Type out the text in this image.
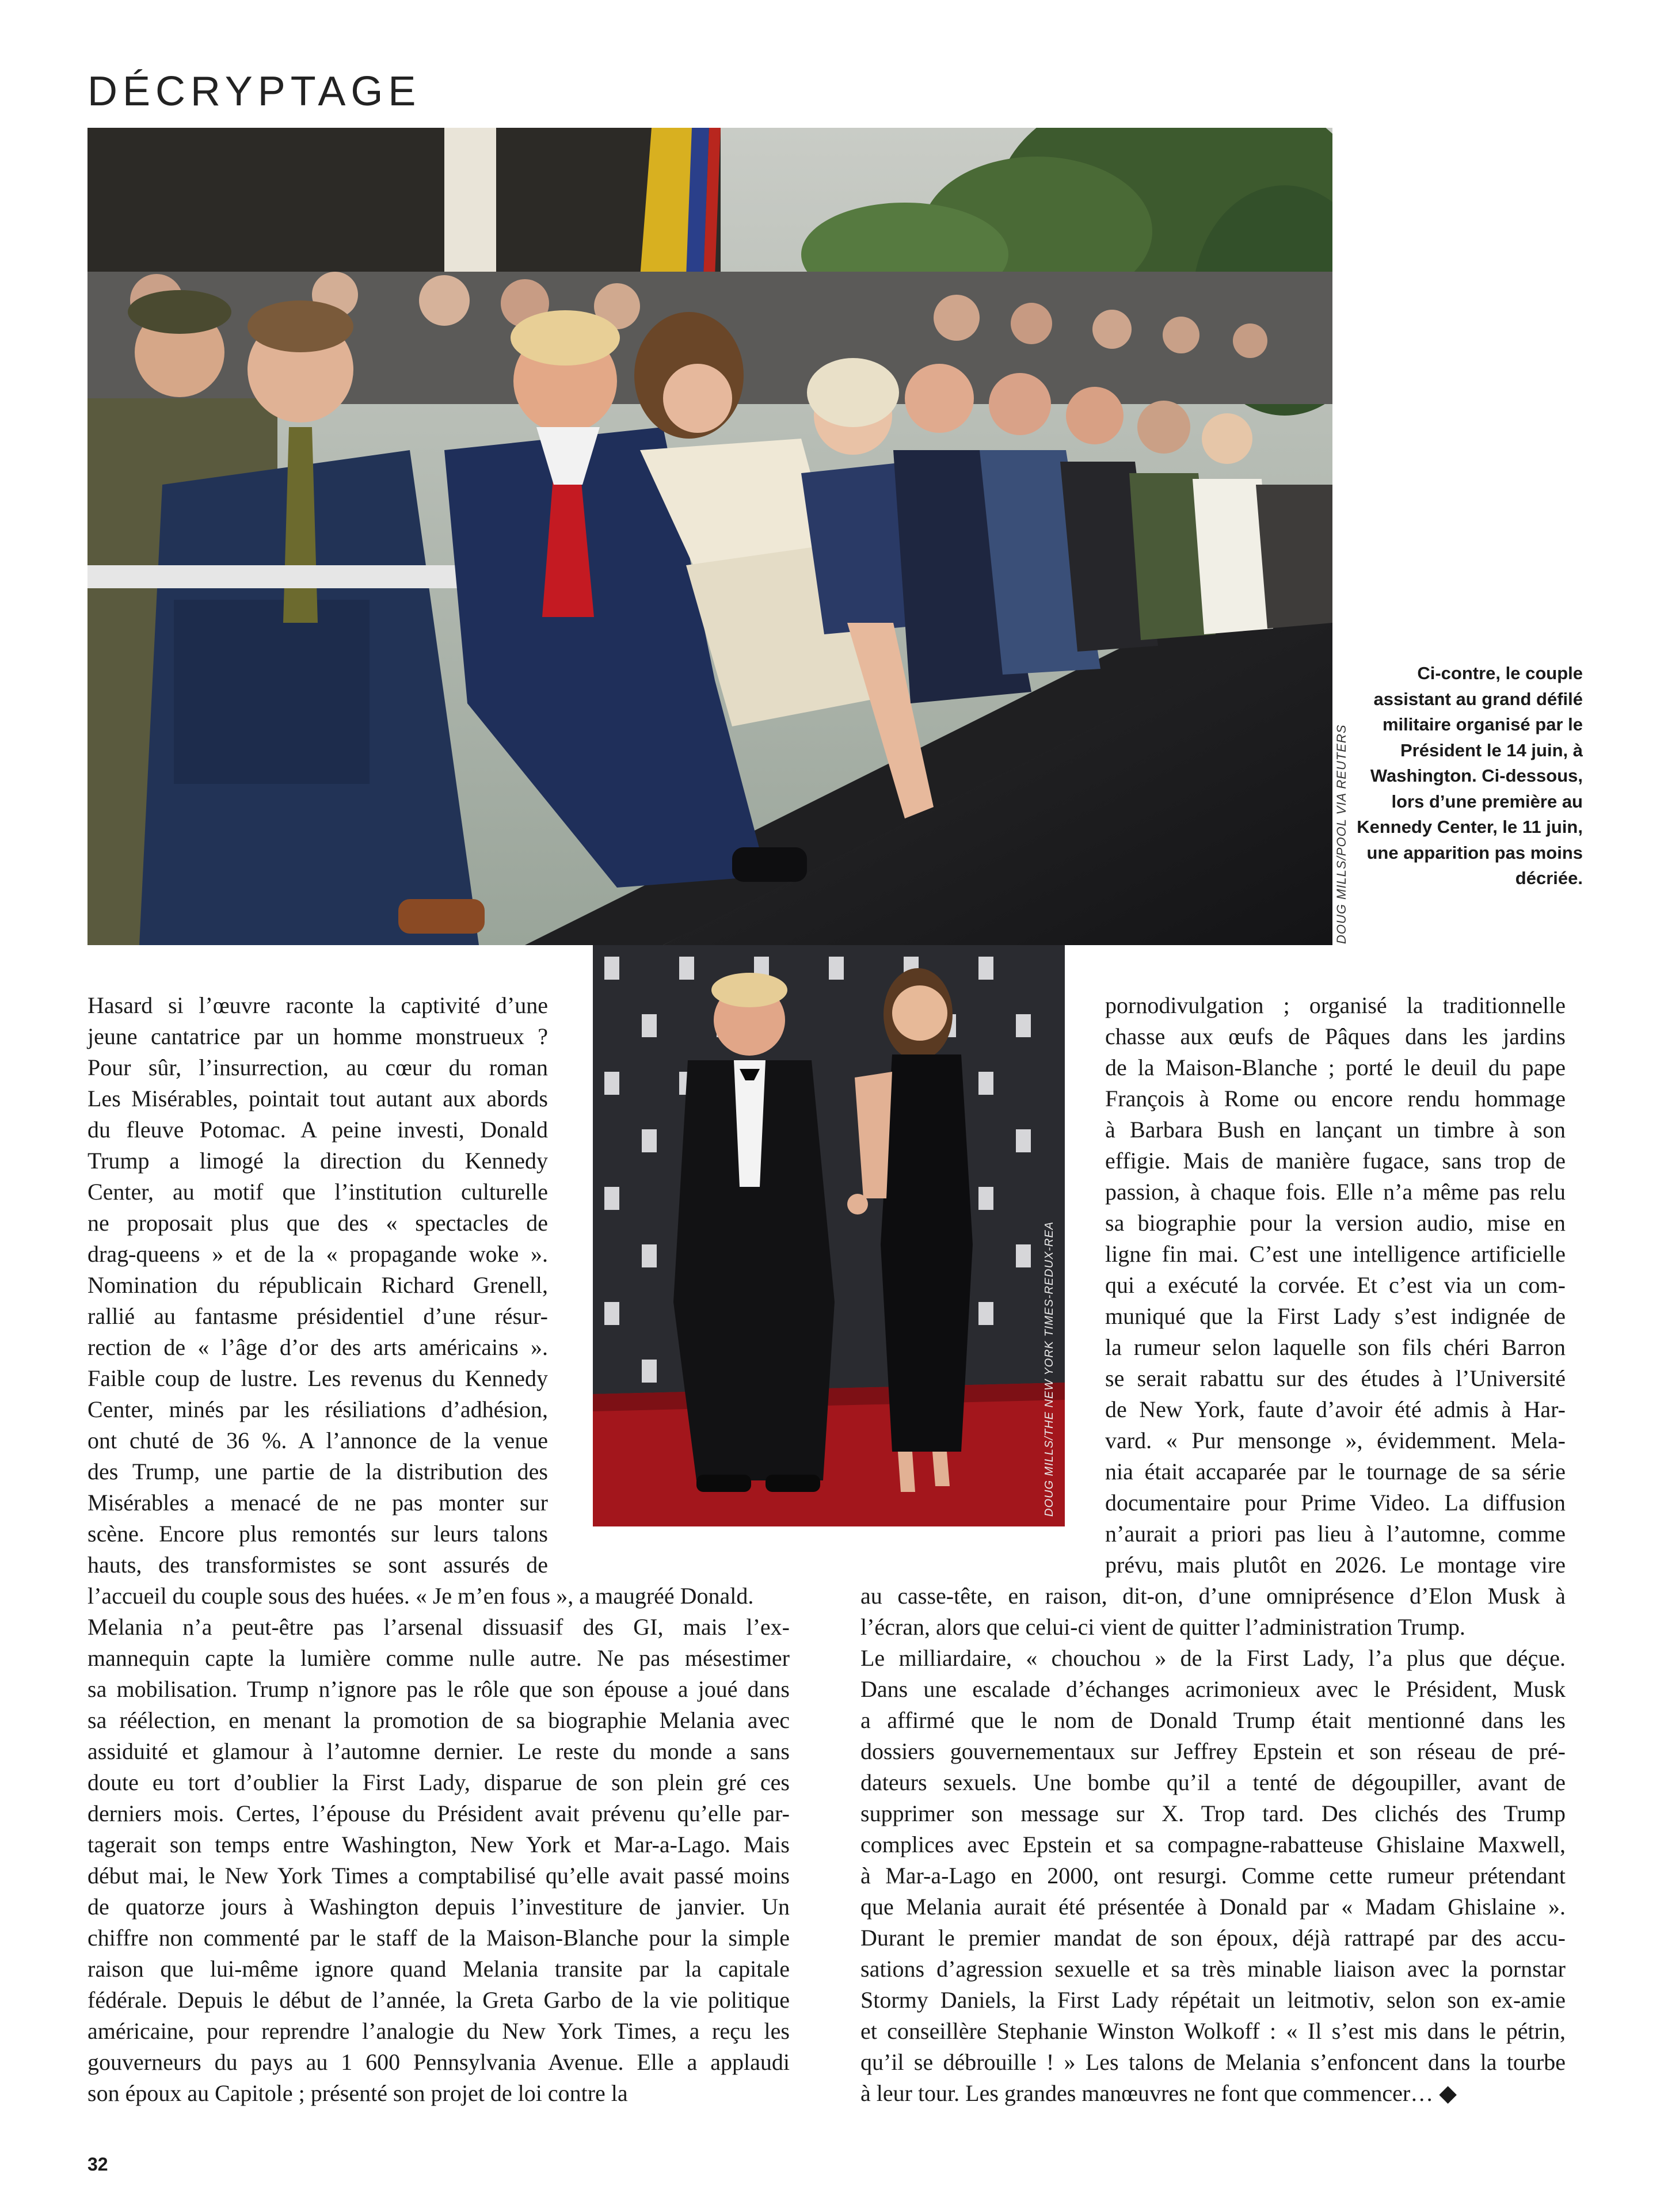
DÉCRYPTAGE
DOUG MILLS/POOL VIA REUTERS
Ci-contre, le couple assistant au grand défilé militaire organisé par le Président le 14 juin, à Washington. Ci-dessous, lors d’une première au Kennedy Center, le 11 juin, une apparition pas moins décriée.
DOUG MILLS/THE NEW YORK TIMES-REDUX-REA
Hasard si l’œuvre raconte la captivité d’une
jeune cantatrice par un homme monstrueux ?
Pour sûr, l’insurrection, au cœur du roman
Les Misérables, pointait tout autant aux abords
du fleuve Potomac. A peine investi, Donald
Trump a limogé la direction du Kennedy
Center, au motif que l’institution culturelle
ne proposait plus que des « spectacles de
drag-queens » et de la « propagande woke ».
Nomination du républicain Richard Grenell,
rallié au fantasme présidentiel d’une résur-
rection de « l’âge d’or des arts américains ».
Faible coup de lustre. Les revenus du Kennedy
Center, minés par les résiliations d’adhésion,
ont chuté de 36 %. A l’annonce de la venue
des Trump, une partie de la distribution des
Misérables a menacé de ne pas monter sur
scène. Encore plus remontés sur leurs talons
hauts, des transformistes se sont assurés de
l’accueil du couple sous des huées. « Je m’en fous », a maugréé Donald.
Melania n’a peut-être pas l’arsenal dissuasif des GI, mais l’ex-
mannequin capte la lumière comme nulle autre. Ne pas mésestimer
sa mobilisation. Trump n’ignore pas le rôle que son épouse a joué dans
sa réélection, en menant la promotion de sa biographie Melania avec
assiduité et glamour à l’automne dernier. Le reste du monde a sans
doute eu tort d’oublier la First Lady, disparue de son plein gré ces
derniers mois. Certes, l’épouse du Président avait prévenu qu’elle par-
tagerait son temps entre Washington, New York et Mar-a-Lago. Mais
début mai, le New York Times a comptabilisé qu’elle avait passé moins
de quatorze jours à Washington depuis l’investiture de janvier. Un
chiffre non commenté par le staff de la Maison-Blanche pour la simple
raison que lui-même ignore quand Melania transite par la capitale
fédérale. Depuis le début de l’année, la Greta Garbo de la vie politique
américaine, pour reprendre l’analogie du New York Times, a reçu les
gouverneurs du pays au 1 600 Pennsylvania Avenue. Elle a applaudi
son époux au Capitole ; présenté son projet de loi contre la
pornodivulgation ; organisé la traditionnelle
chasse aux œufs de Pâques dans les jardins
de la Maison-Blanche ; porté le deuil du pape
François à Rome ou encore rendu hommage
à Barbara Bush en lançant un timbre à son
effigie. Mais de manière fugace, sans trop de
passion, à chaque fois. Elle n’a même pas relu
sa biographie pour la version audio, mise en
ligne fin mai. C’est une intelligence artificielle
qui a exécuté la corvée. Et c’est via un com-
muniqué que la First Lady s’est indignée de
la rumeur selon laquelle son fils chéri Barron
se serait rabattu sur des études à l’Université
de New York, faute d’avoir été admis à Har-
vard. « Pur mensonge », évidemment. Mela-
nia était accaparée par le tournage de sa série
documentaire pour Prime Video. La diffusion
n’aurait a priori pas lieu à l’automne, comme
prévu, mais plutôt en 2026. Le montage vire
au casse-tête, en raison, dit-on, d’une omniprésence d’Elon Musk à
l’écran, alors que celui-ci vient de quitter l’administration Trump.
Le milliardaire, « chouchou » de la First Lady, l’a plus que déçue.
Dans une escalade d’échanges acrimonieux avec le Président, Musk
a affirmé que le nom de Donald Trump était mentionné dans les
dossiers gouvernementaux sur Jeffrey Epstein et son réseau de pré-
dateurs sexuels. Une bombe qu’il a tenté de dégoupiller, avant de
supprimer son message sur X. Trop tard. Des clichés des Trump
complices avec Epstein et sa compagne-rabatteuse Ghislaine Maxwell,
à Mar-a-Lago en 2000, ont resurgi. Comme cette rumeur prétendant
que Melania aurait été présentée à Donald par « Madam Ghislaine ».
Durant le premier mandat de son époux, déjà rattrapé par des accu-
sations d’agression sexuelle et sa très minable liaison avec la pornstar
Stormy Daniels, la First Lady répétait un leitmotiv, selon son ex-amie
et conseillère Stephanie Winston Wolkoff : « Il s’est mis dans le pétrin,
qu’il se débrouille ! » Les talons de Melania s’enfoncent dans la tourbe
à leur tour. Les grandes manœuvres ne font que commencer… ◆
32
